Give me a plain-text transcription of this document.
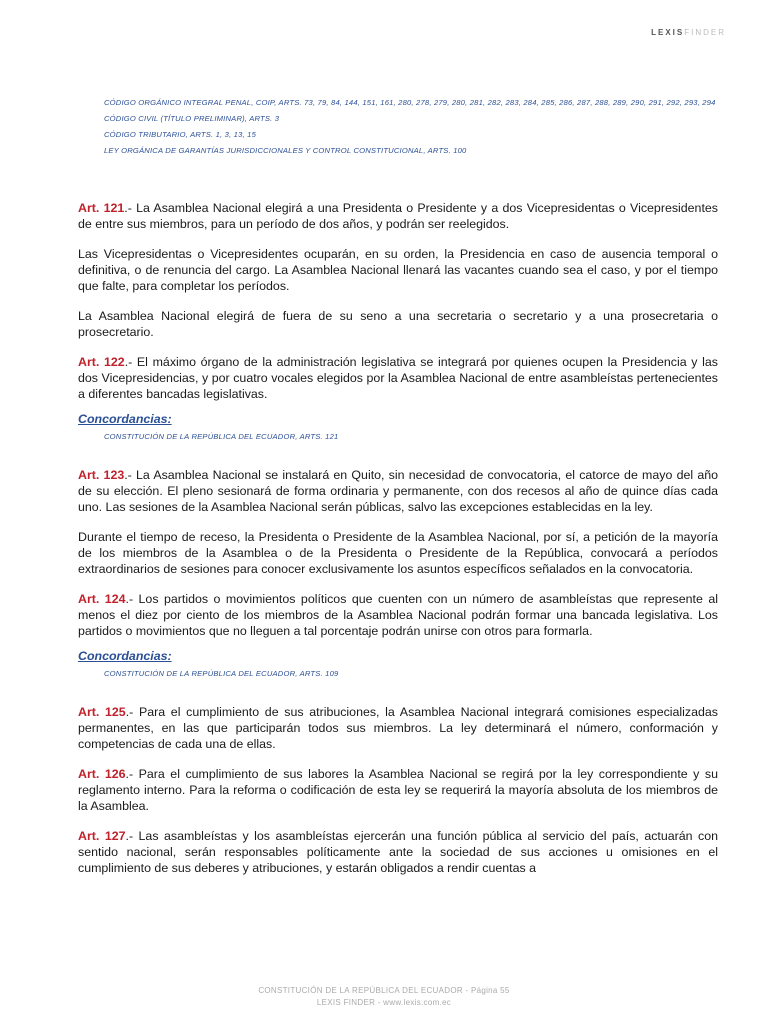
LEXISFINDER
CÓDIGO ORGÁNICO INTEGRAL PENAL, COIP, ARTS. 73, 79, 84, 144, 151, 161, 280, 278, 279, 280, 281, 282, 283, 284, 285, 286, 287, 288, 289, 290, 291, 292, 293, 294
CÓDIGO CIVIL (TÍTULO PRELIMINAR), ARTS. 3
CÓDIGO TRIBUTARIO, ARTS. 1, 3, 13, 15
LEY ORGÁNICA DE GARANTÍAS JURISDICCIONALES Y CONTROL CONSTITUCIONAL, ARTS. 100

Art. 121.- La Asamblea Nacional elegirá a una Presidenta o Presidente y a dos Vicepresidentas o Vicepresidentes de entre sus miembros, para un período de dos años, y podrán ser reelegidos.

Las Vicepresidentas o Vicepresidentes ocuparán, en su orden, la Presidencia en caso de ausencia temporal o definitiva, o de renuncia del cargo. La Asamblea Nacional llenará las vacantes cuando sea el caso, y por el tiempo que falte, para completar los períodos.

La Asamblea Nacional elegirá de fuera de su seno a una secretaria o secretario y a una prosecretaria o prosecretario.

Art. 122.- El máximo órgano de la administración legislativa se integrará por quienes ocupen la Presidencia y las dos Vicepresidencias, y por cuatro vocales elegidos por la Asamblea Nacional de entre asambleístas pertenecientes a diferentes bancadas legislativas.

Concordancias:
CONSTITUCIÓN DE LA REPÚBLICA DEL ECUADOR, ARTS. 121

Art. 123.- La Asamblea Nacional se instalará en Quito, sin necesidad de convocatoria, el catorce de mayo del año de su elección. El pleno sesionará de forma ordinaria y permanente, con dos recesos al año de quince días cada uno. Las sesiones de la Asamblea Nacional serán públicas, salvo las excepciones establecidas en la ley.

Durante el tiempo de receso, la Presidenta o Presidente de la Asamblea Nacional, por sí, a petición de la mayoría de los miembros de la Asamblea o de la Presidenta o Presidente de la República, convocará a períodos extraordinarios de sesiones para conocer exclusivamente los asuntos específicos señalados en la convocatoria.

Art. 124.- Los partidos o movimientos políticos que cuenten con un número de asambleístas que represente al menos el diez por ciento de los miembros de la Asamblea Nacional podrán formar una bancada legislativa. Los partidos o movimientos que no lleguen a tal porcentaje podrán unirse con otros para formarla.

Concordancias:
CONSTITUCIÓN DE LA REPÚBLICA DEL ECUADOR, ARTS. 109

Art. 125.- Para el cumplimiento de sus atribuciones, la Asamblea Nacional integrará comisiones especializadas permanentes, en las que participarán todos sus miembros. La ley determinará el número, conformación y competencias de cada una de ellas.

Art. 126.- Para el cumplimiento de sus labores la Asamblea Nacional se regirá por la ley correspondiente y su reglamento interno. Para la reforma o codificación de esta ley se requerirá la mayoría absoluta de los miembros de la Asamblea.

Art. 127.- Las asambleístas y los asambleístas ejercerán una función pública al servicio del país, actuarán con sentido nacional, serán responsables políticamente ante la sociedad de sus acciones u omisiones en el cumplimiento de sus deberes y atribuciones, y estarán obligados a rendir cuentas a

CONSTITUCIÓN DE LA REPÚBLICA DEL ECUADOR - Página 55
LEXIS FINDER - www.lexis.com.ec
